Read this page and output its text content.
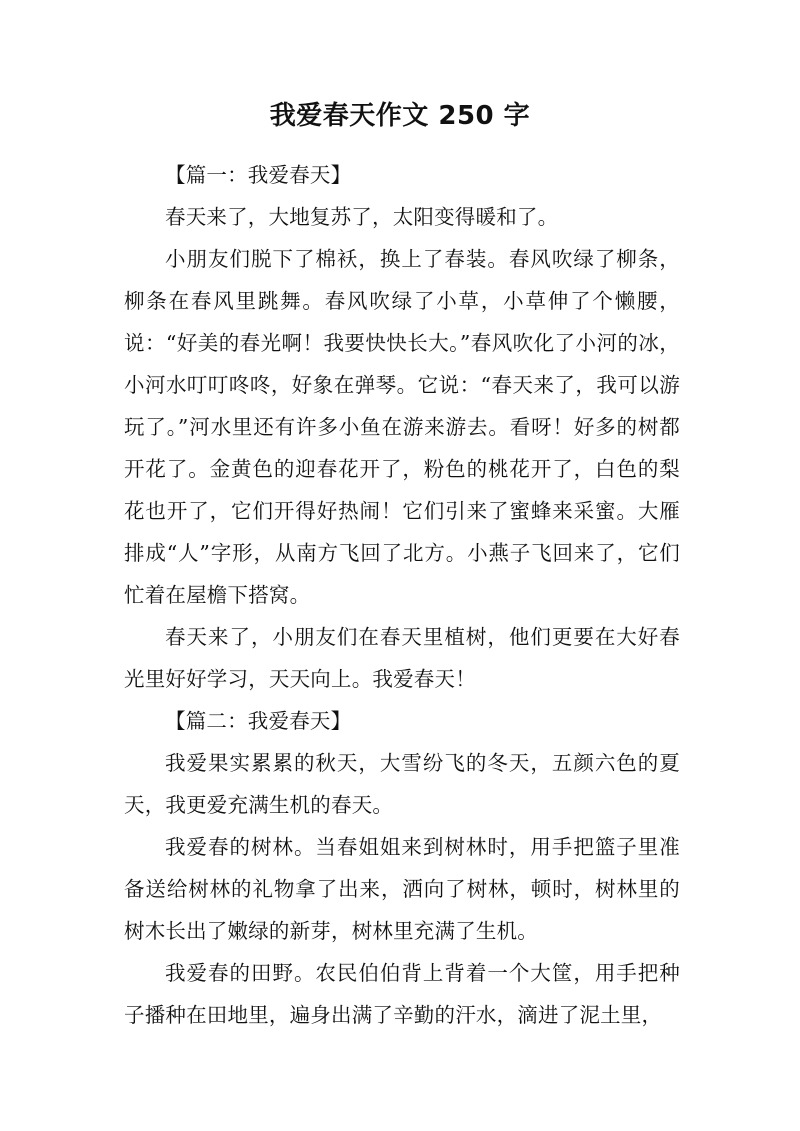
我爱春天作文 250 字

【篇一：我爱春天】

春天来了，大地复苏了，太阳变得暖和了。

小朋友们脱下了棉袄，换上了春装。春风吹绿了柳条，柳条在春风里跳舞。春风吹绿了小草，小草伸了个懒腰，说：“好美的春光啊！我要快快长大。”春风吹化了小河的冰，小河水叮叮咚咚，好象在弹琴。它说：“春天来了，我可以游玩了。”河水里还有许多小鱼在游来游去。看呀！好多的树都开花了。金黄色的迎春花开了，粉色的桃花开了，白色的梨花也开了，它们开得好热闹！它们引来了蜜蜂来采蜜。大雁排成“人”字形，从南方飞回了北方。小燕子飞回来了，它们忙着在屋檐下搭窝。

春天来了，小朋友们在春天里植树，他们更要在大好春光里好好学习，天天向上。我爱春天！

【篇二：我爱春天】

我爱果实累累的秋天，大雪纷飞的冬天，五颜六色的夏天，我更爱充满生机的春天。

我爱春的树林。当春姐姐来到树林时，用手把篮子里准备送给树林的礼物拿了出来，洒向了树林，顿时，树林里的树木长出了嫩绿的新芽，树林里充满了生机。

我爱春的田野。农民伯伯背上背着一个大筐，用手把种子播种在田地里，遍身出满了辛勤的汗水，滴进了泥土里，
